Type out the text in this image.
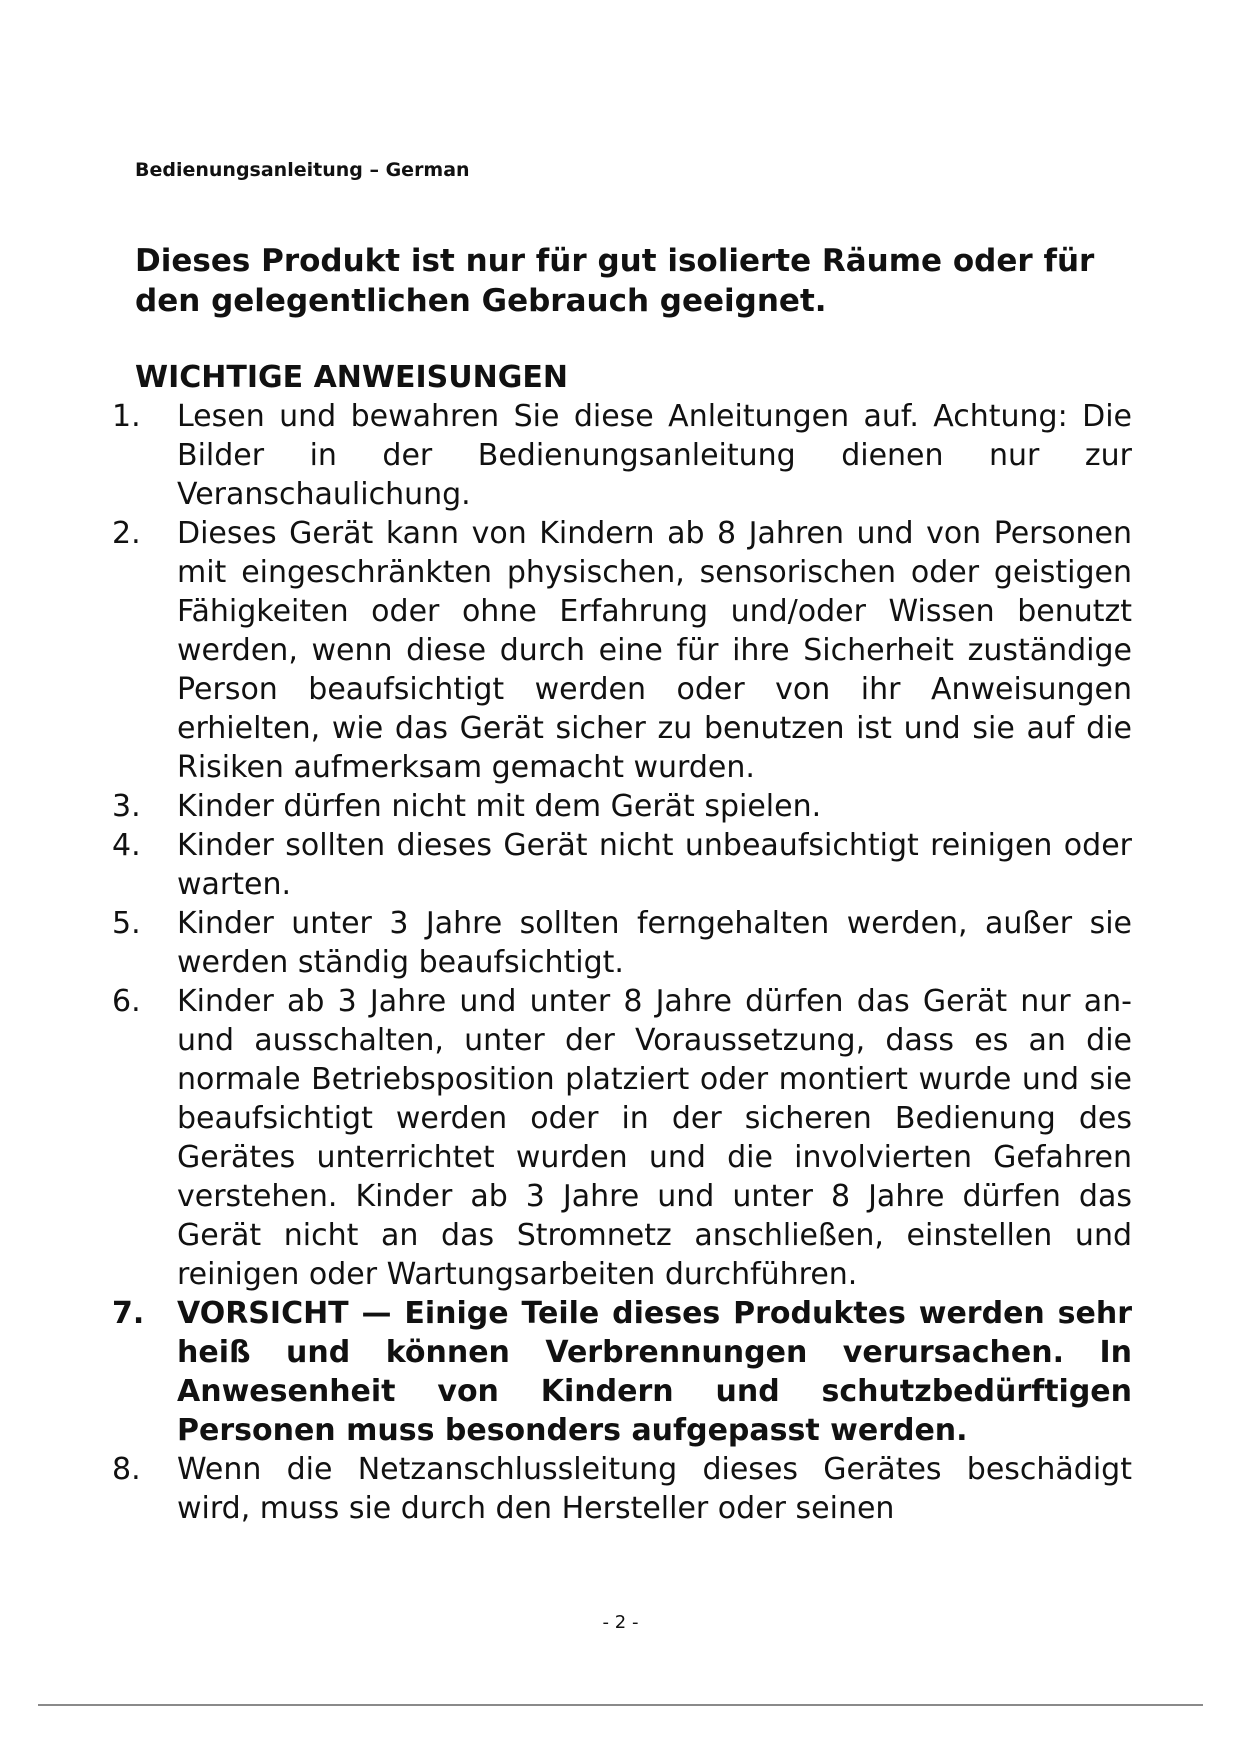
Bedienungsanleitung – German
Dieses Produkt ist nur für gut isolierte Räume oder für den gelegentlichen Gebrauch geeignet.
WICHTIGE ANWEISUNGEN
1.	Lesen und bewahren Sie diese Anleitungen auf. Achtung: Die Bilder in der Bedienungsanleitung dienen nur zur Veranschaulichung.
2.	Dieses Gerät kann von Kindern ab 8 Jahren und von Personen mit eingeschränkten physischen, sensorischen oder geistigen Fähigkeiten oder ohne Erfahrung und/oder Wissen benutzt werden, wenn diese durch eine für ihre Sicherheit zuständige Person beaufsichtigt werden oder von ihr Anweisungen erhielten, wie das Gerät sicher zu benutzen ist und sie auf die Risiken aufmerksam gemacht wurden.
3.	Kinder dürfen nicht mit dem Gerät spielen.
4.	Kinder sollten dieses Gerät nicht unbeaufsichtigt reinigen oder warten.
5.	Kinder unter 3 Jahre sollten ferngehalten werden, außer sie werden ständig beaufsichtigt.
6.	Kinder ab 3 Jahre und unter 8 Jahre dürfen das Gerät nur an- und ausschalten, unter der Voraussetzung, dass es an die normale Betriebsposition platziert oder montiert wurde und sie beaufsichtigt werden oder in der sicheren Bedienung des Gerätes unterrichtet wurden und die involvierten Gefahren verstehen. Kinder ab 3 Jahre und unter 8 Jahre dürfen das Gerät nicht an das Stromnetz anschließen, einstellen und reinigen oder Wartungsarbeiten durchführen.
7.	VORSICHT — Einige Teile dieses Produktes werden sehr heiß und können Verbrennungen verursachen. In Anwesenheit von Kindern und schutzbedürftigen Personen muss besonders aufgepasst werden.
8.	Wenn die Netzanschlussleitung dieses Gerätes beschädigt wird, muss sie durch den Hersteller oder seinen
- 2 -
